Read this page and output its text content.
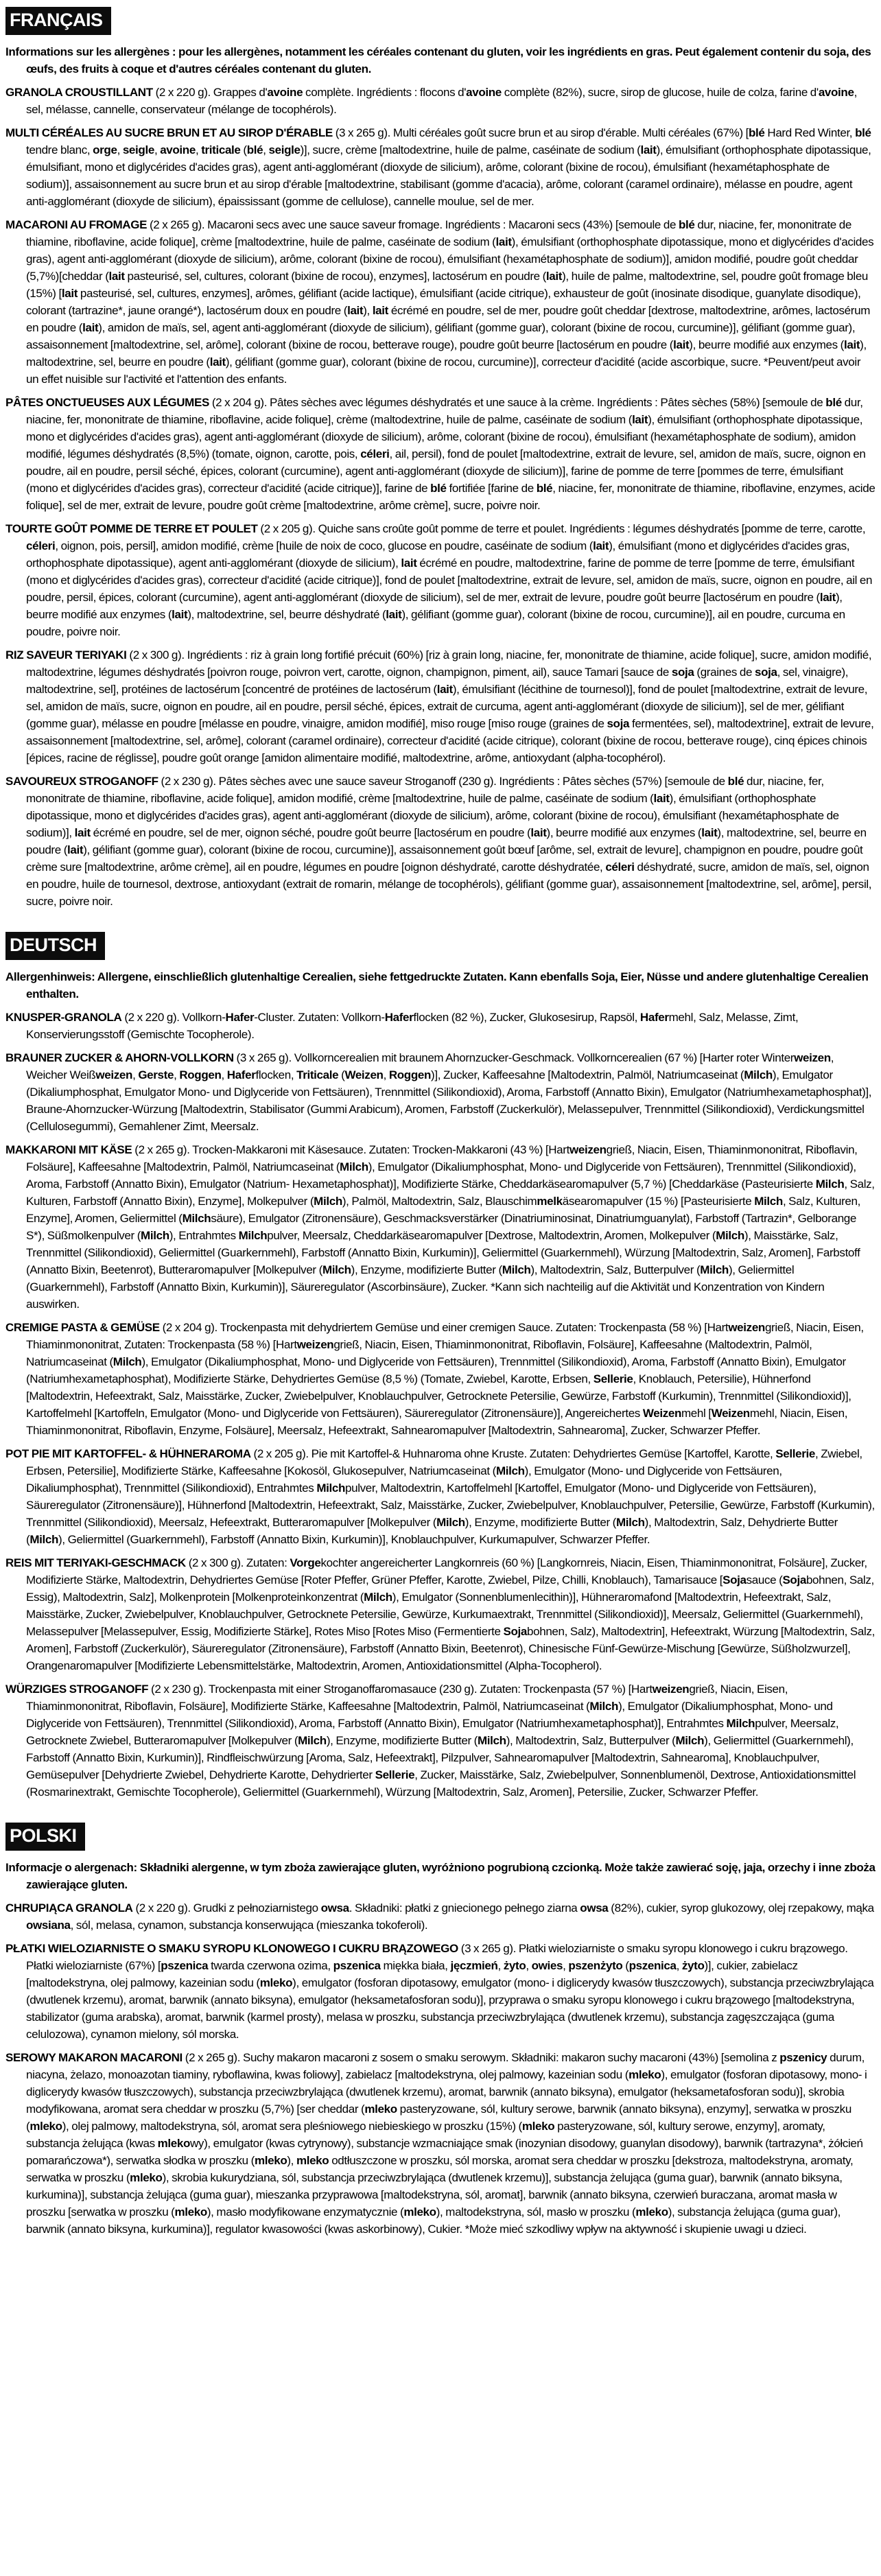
FRANÇAIS

Informations sur les allergènes : pour les allergènes, notamment les céréales contenant du gluten, voir les ingrédients en gras. Peut également contenir du soja, des œufs, des fruits à coque et d'autres céréales contenant du gluten.

GRANOLA CROUSTILLANT (2 x 220 g). Grappes d'avoine complète. Ingrédients : flocons d'avoine complète (82%), sucre, sirop de glucose, huile de colza, farine d'avoine, sel, mélasse, cannelle, conservateur (mélange de tocophérols).

MULTI CÉRÉALES AU SUCRE BRUN ET AU SIROP D'ÉRABLE (3 x 265 g). Multi céréales goût sucre brun et au sirop d'érable. Multi céréales (67%) [blé Hard Red Winter, blé tendre blanc, orge, seigle, avoine, triticale (blé, seigle)], sucre, crème [maltodextrine, huile de palme, caséinate de sodium (lait), émulsifiant (orthophosphate dipotassique, émulsifiant, mono et diglycérides d'acides gras), agent anti-agglomérant (dioxyde de silicium), arôme, colorant (bixine de rocou), émulsifiant (hexamétaphosphate de sodium)], assaisonnement au sucre brun et au sirop d'érable [maltodextrine, stabilisant (gomme d'acacia), arôme, colorant (caramel ordinaire), mélasse en poudre, agent anti-agglomérant (dioxyde de silicium), épaississant (gomme de cellulose), cannelle moulue, sel de mer.

MACARONI AU FROMAGE (2 x 265 g). Macaroni secs avec une sauce saveur fromage. Ingrédients : Macaroni secs (43%) [semoule de blé dur, niacine, fer, mononitrate de thiamine, riboflavine, acide folique], crème [maltodextrine, huile de palme, caséinate de sodium (lait), émulsifiant (orthophosphate dipotassique, mono et diglycérides d'acides gras), agent anti-agglomérant (dioxyde de silicium), arôme, colorant (bixine de rocou), émulsifiant (hexamétaphosphate de sodium)], amidon modifié, poudre goût cheddar (5,7%)[cheddar (lait pasteurisé, sel, cultures, colorant (bixine de rocou), enzymes], lactosérum en poudre (lait), huile de palme, maltodextrine, sel, poudre goût fromage bleu (15%) [lait pasteurisé, sel, cultures, enzymes], arômes, gélifiant (acide lactique), émulsifiant (acide citrique), exhausteur de goût (inosinate disodique, guanylate disodique), colorant (tartrazine*, jaune orangé*), lactosérum doux en poudre (lait), lait écrémé en poudre, sel de mer, poudre goût cheddar [dextrose, maltodextrine, arômes, lactosérum en poudre (lait), amidon de maïs, sel, agent anti-agglomérant (dioxyde de silicium), gélifiant (gomme guar), colorant (bixine de rocou, curcumine)], gélifiant (gomme guar), assaisonnement [maltodextrine, sel, arôme], colorant (bixine de rocou, betterave rouge), poudre goût beurre [lactosérum en poudre (lait), beurre modifié aux enzymes (lait), maltodextrine, sel, beurre en poudre (lait), gélifiant (gomme guar), colorant (bixine de rocou, curcumine)], correcteur d'acidité (acide ascorbique, sucre. *Peuvent/peut avoir un effet nuisible sur l'activité et l'attention des enfants.

PÂTES ONCTUEUSES AUX LÉGUMES (2 x 204 g). Pâtes sèches avec légumes déshydratés et une sauce à la crème. Ingrédients : Pâtes sèches (58%) [semoule de blé dur, niacine, fer, mononitrate de thiamine, riboflavine, acide folique], crème (maltodextrine, huile de palme, caséinate de sodium (lait), émulsifiant (orthophosphate dipotassique, mono et diglycérides d'acides gras), agent anti-agglomérant (dioxyde de silicium), arôme, colorant (bixine de rocou), émulsifiant (hexamétaphosphate de sodium), amidon modifié, légumes déshydratés (8,5%) (tomate, oignon, carotte, pois, céleri, ail, persil), fond de poulet [maltodextrine, extrait de levure, sel, amidon de maïs, sucre, oignon en poudre, ail en poudre, persil séché, épices, colorant (curcumine), agent anti-agglomérant (dioxyde de silicium)], farine de pomme de terre [pommes de terre, émulsifiant (mono et diglycérides d'acides gras), correcteur d'acidité (acide citrique)], farine de blé fortifiée [farine de blé, niacine, fer, mononitrate de thiamine, riboflavine, enzymes, acide folique], sel de mer, extrait de levure, poudre goût crème [maltodextrine, arôme crème], sucre, poivre noir.

TOURTE GOÛT POMME DE TERRE ET POULET (2 x 205 g). Quiche sans croûte goût pomme de terre et poulet. Ingrédients : légumes déshydratés [pomme de terre, carotte, céleri, oignon, pois, persil], amidon modifié, crème [huile de noix de coco, glucose en poudre, caséinate de sodium (lait), émulsifiant (mono et diglycérides d'acides gras, orthophosphate dipotassique), agent anti-agglomérant (dioxyde de silicium), lait écrémé en poudre, maltodextrine, farine de pomme de terre [pomme de terre, émulsifiant (mono et diglycérides d'acides gras), correcteur d'acidité (acide citrique)], fond de poulet [maltodextrine, extrait de levure, sel, amidon de maïs, sucre, oignon en poudre, ail en poudre, persil, épices, colorant (curcumine), agent anti-agglomérant (dioxyde de silicium), sel de mer, extrait de levure, poudre goût beurre [lactosérum en poudre (lait), beurre modifié aux enzymes (lait), maltodextrine, sel, beurre déshydraté (lait), gélifiant (gomme guar), colorant (bixine de rocou, curcumine)], ail en poudre, curcuma en poudre, poivre noir.

RIZ SAVEUR TERIYAKI (2 x 300 g). Ingrédients : riz à grain long fortifié précuit (60%) [riz à grain long, niacine, fer, mononitrate de thiamine, acide folique], sucre, amidon modifié, maltodextrine, légumes déshydratés [poivron rouge, poivron vert, carotte, oignon, champignon, piment, ail), sauce Tamari [sauce de soja (graines de soja, sel, vinaigre), maltodextrine, sel], protéines de lactosérum [concentré de protéines de lactosérum (lait), émulsifiant (lécithine de tournesol)], fond de poulet [maltodextrine, extrait de levure, sel, amidon de maïs, sucre, oignon en poudre, ail en poudre, persil séché, épices, extrait de curcuma, agent anti-agglomérant (dioxyde de silicium)], sel de mer, gélifiant (gomme guar), mélasse en poudre [mélasse en poudre, vinaigre, amidon modifié], miso rouge [miso rouge (graines de soja fermentées, sel), maltodextrine], extrait de levure, assaisonnement [maltodextrine, sel, arôme], colorant (caramel ordinaire), correcteur d'acidité (acide citrique), colorant (bixine de rocou, betterave rouge), cinq épices chinois [épices, racine de réglisse], poudre goût orange [amidon alimentaire modifié, maltodextrine, arôme, antioxydant (alpha-tocophérol).

SAVOUREUX STROGANOFF (2 x 230 g). Pâtes sèches avec une sauce saveur Stroganoff (230 g). Ingrédients : Pâtes sèches (57%) [semoule de blé dur, niacine, fer, mononitrate de thiamine, riboflavine, acide folique], amidon modifié, crème [maltodextrine, huile de palme, caséinate de sodium (lait), émulsifiant (orthophosphate dipotassique, mono et diglycérides d'acides gras), agent anti-agglomérant (dioxyde de silicium), arôme, colorant (bixine de rocou), émulsifiant (hexamétaphosphate de sodium)], lait écrémé en poudre, sel de mer, oignon séché, poudre goût beurre [lactosérum en poudre (lait), beurre modifié aux enzymes (lait), maltodextrine, sel, beurre en poudre (lait), gélifiant (gomme guar), colorant (bixine de rocou, curcumine)], assaisonnement goût bœuf [arôme, sel, extrait de levure], champignon en poudre, poudre goût crème sure [maltodextrine, arôme crème], ail en poudre, légumes en poudre [oignon déshydraté, carotte déshydratée, céleri déshydraté, sucre, amidon de maïs, sel, oignon en poudre, huile de tournesol, dextrose, antioxydant (extrait de romarin, mélange de tocophérols), gélifiant (gomme guar), assaisonnement [maltodextrine, sel, arôme], persil, sucre, poivre noir.

DEUTSCH

Allergenhinweis: Allergene, einschließlich glutenhaltige Cerealien, siehe fettgedruckte Zutaten. Kann ebenfalls Soja, Eier, Nüsse und andere glutenhaltige Cerealien enthalten.

KNUSPER-GRANOLA (2 x 220 g). Vollkorn-Hafer-Cluster. Zutaten: Vollkorn-Haferflocken (82 %), Zucker, Glukosesirup, Rapsöl, Hafermehl, Salz, Melasse, Zimt, Konservierungsstoff (Gemischte Tocopherole).

BRAUNER ZUCKER & AHORN-VOLLKORN (3 x 265 g). Vollkorncerealien mit braunem Ahornzucker-Geschmack. Vollkorncerealien (67 %) [Harter roter Winterweizen, Weicher Weißweizen, Gerste, Roggen, Haferflocken, Triticale (Weizen, Roggen)], Zucker, Kaffeesahne [Maltodextrin, Palmöl, Natriumcaseinat (Milch), Emulgator (Dikaliumphosphat, Emulgator Mono- und Diglyceride von Fettsäuren), Trennmittel (Silikondioxid), Aroma, Farbstoff (Annatto Bixin), Emulgator (Natriumhexametaphosphat)], Braune-Ahornzucker-Würzung [Maltodextrin, Stabilisator (Gummi Arabicum), Aromen, Farbstoff (Zuckerkulör), Melassepulver, Trennmittel (Silikondioxid), Verdickungsmittel (Cellulosegummi), Gemahlener Zimt, Meersalz.

MAKKARONI MIT KÄSE (2 x 265 g). Trocken-Makkaroni mit Käsesauce. Zutaten: Trocken-Makkaroni (43 %) [Hartweizengrieß, Niacin, Eisen, Thiaminmononitrat, Riboflavin, Folsäure], Kaffeesahne [Maltodextrin, Palmöl, Natriumcaseinat (Milch), Emulgator (Dikaliumphosphat, Mono- und Diglyceride von Fettsäuren), Trennmittel (Silikondioxid), Aroma, Farbstoff (Annatto Bixin), Emulgator (Natrium- Hexametaphosphat)], Modifizierte Stärke, Cheddarkäsearomapulver (5,7 %) [Cheddarkäse (Pasteurisierte Milch, Salz, Kulturen, Farbstoff (Annatto Bixin), Enzyme], Molkepulver (Milch), Palmöl, Maltodextrin, Salz, Blauschimmelkäsearomapulver (15 %) [Pasteurisierte Milch, Salz, Kulturen, Enzyme], Aromen, Geliermittel (Milchsäure), Emulgator (Zitronensäure), Geschmacksverstärker (Dinatriuminosinat, Dinatriumguanylat), Farbstoff (Tartrazin*, Gelborange S*), Süßmolkenpulver (Milch), Entrahmtes Milchpulver, Meersalz, Cheddarkäsearomapulver [Dextrose, Maltodextrin, Aromen, Molkepulver (Milch), Maisstärke, Salz, Trennmittel (Silikondioxid), Geliermittel (Guarkernmehl), Farbstoff (Annatto Bixin, Kurkumin)], Geliermittel (Guarkernmehl), Würzung [Maltodextrin, Salz, Aromen], Farbstoff (Annatto Bixin, Beetenrot), Butteraromapulver [Molkepulver (Milch), Enzyme, modifizierte Butter (Milch), Maltodextrin, Salz, Butterpulver (Milch), Geliermittel (Guarkernmehl), Farbstoff (Annatto Bixin, Kurkumin)], Säureregulator (Ascorbinsäure), Zucker. *Kann sich nachteilig auf die Aktivität und Konzentration von Kindern auswirken.

CREMIGE PASTA & GEMÜSE (2 x 204 g). Trockenpasta mit dehydriertem Gemüse und einer cremigen Sauce. Zutaten: Trockenpasta (58 %) [Hartweizengrieß, Niacin, Eisen, Thiaminmononitrat, Zutaten: Trockenpasta (58 %) [Hartweizengrieß, Niacin, Eisen, Thiaminmononitrat, Riboflavin, Folsäure], Kaffeesahne (Maltodextrin, Palmöl, Natriumcaseinat (Milch), Emulgator (Dikaliumphosphat, Mono- und Diglyceride von Fettsäuren), Trennmittel (Silikondioxid), Aroma, Farbstoff (Annatto Bixin), Emulgator (Natriumhexametaphosphat), Modifizierte Stärke, Dehydriertes Gemüse (8,5 %) (Tomate, Zwiebel, Karotte, Erbsen, Sellerie, Knoblauch, Petersilie), Hühnerfond [Maltodextrin, Hefeextrakt, Salz, Maisstärke, Zucker, Zwiebelpulver, Knoblauchpulver, Getrocknete Petersilie, Gewürze, Farbstoff (Kurkumin), Trennmittel (Silikondioxid)], Kartoffelmehl [Kartoffeln, Emulgator (Mono- und Diglyceride von Fettsäuren), Säureregulator (Zitronensäure)], Angereichertes Weizenmehl [Weizenmehl, Niacin, Eisen, Thiaminmononitrat, Riboflavin, Enzyme, Folsäure], Meersalz, Hefeextrakt, Sahnearomapulver [Maltodextrin, Sahnearoma], Zucker, Schwarzer Pfeffer.

POT PIE MIT KARTOFFEL- & HÜHNERAROMA (2 x 205 g). Pie mit Kartoffel-& Huhnaroma ohne Kruste. Zutaten: Dehydriertes Gemüse [Kartoffel, Karotte, Sellerie, Zwiebel, Erbsen, Petersilie], Modifizierte Stärke, Kaffeesahne [Kokosöl, Glukosepulver, Natriumcaseinat (Milch), Emulgator (Mono- und Diglyceride von Fettsäuren, Dikaliumphosphat), Trennmittel (Silikondioxid), Entrahmtes Milchpulver, Maltodextrin, Kartoffelmehl [Kartoffel, Emulgator (Mono- und Diglyceride von Fettsäuren), Säureregulator (Zitronensäure)], Hühnerfond [Maltodextrin, Hefeextrakt, Salz, Maisstärke, Zucker, Zwiebelpulver, Knoblauchpulver, Petersilie, Gewürze, Farbstoff (Kurkumin), Trennmittel (Silikondioxid), Meersalz, Hefeextrakt, Butteraromapulver [Molkepulver (Milch), Enzyme, modifizierte Butter (Milch), Maltodextrin, Salz, Dehydrierte Butter (Milch), Geliermittel (Guarkernmehl), Farbstoff (Annatto Bixin, Kurkumin)], Knoblauchpulver, Kurkumapulver, Schwarzer Pfeffer.

REIS MIT TERIYAKI-GESCHMACK (2 x 300 g). Zutaten: Vorgekochter angereicherter Langkornreis (60 %) [Langkornreis, Niacin, Eisen, Thiaminmononitrat, Folsäure], Zucker, Modifizierte Stärke, Maltodextrin, Dehydriertes Gemüse [Roter Pfeffer, Grüner Pfeffer, Karotte, Zwiebel, Pilze, Chilli, Knoblauch), Tamarisauce [Sojasauce (Sojabohnen, Salz, Essig), Maltodextrin, Salz], Molkenprotein [Molkenproteinkonzentrat (Milch), Emulgator (Sonnenblumenlecithin)], Hühneraromafond [Maltodextrin, Hefeextrakt, Salz, Maisstärke, Zucker, Zwiebelpulver, Knoblauchpulver, Getrocknete Petersilie, Gewürze, Kurkumaextrakt, Trennmittel (Silikondioxid)], Meersalz, Geliermittel (Guarkernmehl), Melassepulver [Melassepulver, Essig, Modifizierte Stärke], Rotes Miso [Rotes Miso (Fermentierte Sojabohnen, Salz), Maltodextrin], Hefeextrakt, Würzung [Maltodextrin, Salz, Aromen], Farbstoff (Zuckerkulör), Säureregulator (Zitronensäure), Farbstoff (Annatto Bixin, Beetenrot), Chinesische Fünf-Gewürze-Mischung [Gewürze, Süßholzwurzel], Orangenaromapulver [Modifizierte Lebensmittelstärke, Maltodextrin, Aromen, Antioxidationsmittel (Alpha-Tocopherol).

WÜRZIGES STROGANOFF (2 x 230 g). Trockenpasta mit einer Stroganoffaromasauce (230 g). Zutaten: Trockenpasta (57 %) [Hartweizengrieß, Niacin, Eisen, Thiaminmononitrat, Riboflavin, Folsäure], Modifizierte Stärke, Kaffeesahne [Maltodextrin, Palmöl, Natriumcaseinat (Milch), Emulgator (Dikaliumphosphat, Mono- und Diglyceride von Fettsäuren), Trennmittel (Silikondioxid), Aroma, Farbstoff (Annatto Bixin), Emulgator (Natriumhexametaphosphat)], Entrahmtes Milchpulver, Meersalz, Getrocknete Zwiebel, Butteraromapulver [Molkepulver (Milch), Enzyme, modifizierte Butter (Milch), Maltodextrin, Salz, Butterpulver (Milch), Geliermittel (Guarkernmehl), Farbstoff (Annatto Bixin, Kurkumin)], Rindfleischwürzung [Aroma, Salz, Hefeextrakt], Pilzpulver, Sahnearomapulver [Maltodextrin, Sahnearoma], Knoblauchpulver, Gemüsepulver [Dehydrierte Zwiebel, Dehydrierte Karotte, Dehydrierter Sellerie, Zucker, Maisstärke, Salz, Zwiebelpulver, Sonnenblumenöl, Dextrose, Antioxidationsmittel (Rosmarinextrakt, Gemischte Tocopherole), Geliermittel (Guarkernmehl), Würzung [Maltodextrin, Salz, Aromen], Petersilie, Zucker, Schwarzer Pfeffer.

POLSKI

Informacje o alergenach: Składniki alergenne, w tym zboża zawierające gluten, wyróżniono pogrubioną czcionką. Może także zawierać soję, jaja, orzechy i inne zboża zawierające gluten.

CHRUPIĄCA GRANOLA (2 x 220 g). Grudki z pełnoziarnistego owsa. Składniki: płatki z gniecionego pełnego ziarna owsa (82%), cukier, syrop glukozowy, olej rzepakowy, mąka owsiana, sól, melasa, cynamon, substancja konserwująca (mieszanka tokoferoli).

PŁATKI WIELOZIARNISTE O SMAKU SYROPU KLONOWEGO I CUKRU BRĄZOWEGO (3 x 265 g). Płatki wieloziarniste o smaku syropu klonowego i cukru brązowego. Płatki wieloziarniste (67%) [pszenica twarda czerwona ozima, pszenica miękka biała, jęczmień, żyto, owies, pszenżyto (pszenica, żyto)], cukier, zabielacz [maltodekstryna, olej palmowy, kazeinian sodu (mleko), emulgator (fosforan dipotasowy, emulgator (mono- i diglicerydy kwasów tłuszczowych), substancja przeciwzbrylająca (dwutlenek krzemu), aromat, barwnik (annato biksyna), emulgator (heksametafosforan sodu)], przyprawa o smaku syropu klonowego i cukru brązowego [maltodekstryna, stabilizator (guma arabska), aromat, barwnik (karmel prosty), melasa w proszku, substancja przeciwzbrylająca (dwutlenek krzemu), substancja zagęszczająca (guma celulozowa), cynamon mielony, sól morska.

SEROWY MAKARON MACARONI (2 x 265 g). Suchy makaron macaroni z sosem o smaku serowym. Składniki: makaron suchy macaroni (43%) [semolina z pszenicy durum, niacyna, żelazo, monoazotan tiaminy, ryboflawina, kwas foliowy], zabielacz [maltodekstryna, olej palmowy, kazeinian sodu (mleko), emulgator (fosforan dipotasowy, mono- i diglicerydy kwasów tłuszczowych), substancja przeciwzbrylająca (dwutlenek krzemu), aromat, barwnik (annato biksyna), emulgator (heksametafosforan sodu)], skrobia modyfikowana, aromat sera cheddar w proszku (5,7%) [ser cheddar (mleko pasteryzowane, sól, kultury serowe, barwnik (annato biksyna), enzymy], serwatka w proszku (mleko), olej palmowy, maltodekstryna, sól, aromat sera pleśniowego niebieskiego w proszku (15%) (mleko pasteryzowane, sól, kultury serowe, enzymy], aromaty, substancja żelująca (kwas mlekowy), emulgator (kwas cytrynowy), substancje wzmacniające smak (inozynian disodowy, guanylan disodowy), barwnik (tartrazyna*, żółcień pomarańczowa*), serwatka słodka w proszku (mleko), mleko odtłuszczone w proszku, sól morska, aromat sera cheddar w proszku [dekstroza, maltodekstryna, aromaty, serwatka w proszku (mleko), skrobia kukurydziana, sól, substancja przeciwzbrylająca (dwutlenek krzemu)], substancja żelująca (guma guar), barwnik (annato biksyna, kurkumina)], substancja żelująca (guma guar), mieszanka przyprawowa [maltodekstryna, sól, aromat], barwnik (annato biksyna, czerwień buraczana, aromat masła w proszku [serwatka w proszku (mleko), masło modyfikowane enzymatycznie (mleko), maltodekstryna, sól, masło w proszku (mleko), substancja żelująca (guma guar), barwnik (annato biksyna, kurkumina)], regulator kwasowości (kwas askorbinowy), Cukier. *Może mieć szkodliwy wpływ na aktywność i skupienie uwagi u dzieci.
